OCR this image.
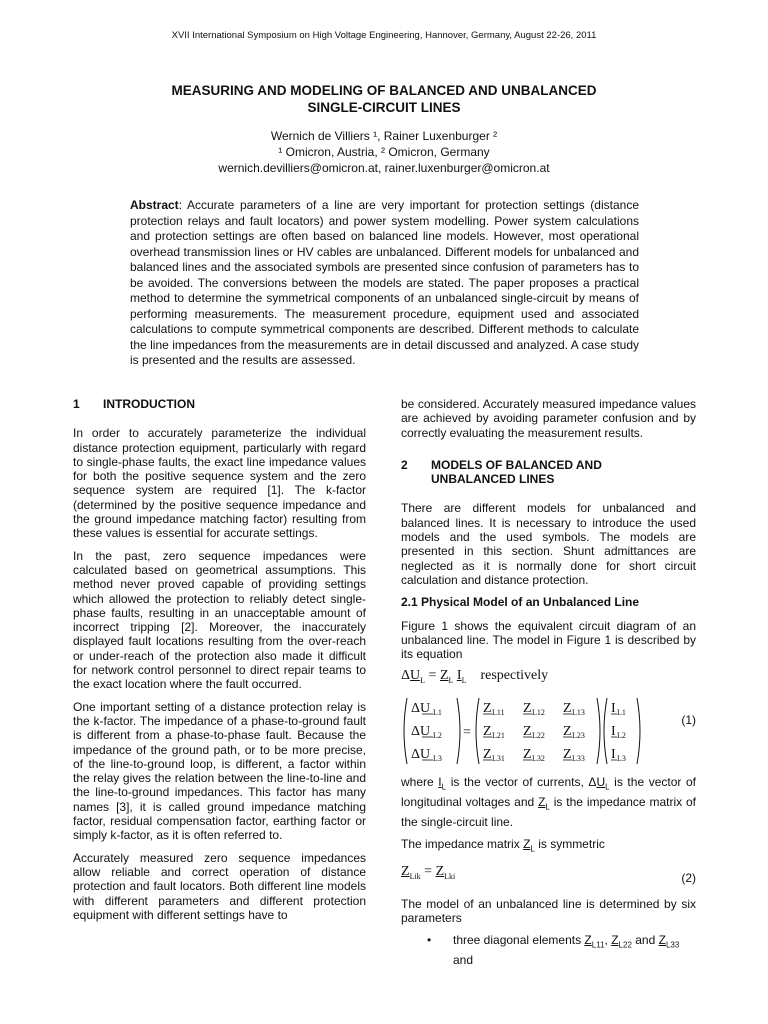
XVII International Symposium on High Voltage Engineering, Hannover, Germany, August 22-26, 2011
MEASURING AND MODELING OF BALANCED AND UNBALANCED
SINGLE-CIRCUIT LINES
Wernich de Villiers ¹, Rainer Luxenburger ²
¹ Omicron, Austria, ² Omicron, Germany
wernich.devilliers@omicron.at, rainer.luxenburger@omicron.at
Abstract: Accurate parameters of a line are very important for protection settings (distance protection relays and fault locators) and power system modelling. Power system calculations and protection settings are often based on balanced line models. However, most operational overhead transmission lines or HV cables are unbalanced. Different models for unbalanced and balanced lines and the associated symbols are presented since confusion of parameters has to be avoided. The conversions between the models are stated. The paper proposes a practical method to determine the symmetrical components of an unbalanced single-circuit by means of performing measurements. The measurement procedure, equipment used and associated calculations to compute symmetrical components are described. Different methods to calculate the line impedances from the measurements are in detail discussed and analyzed. A case study is presented and the results are assessed.
1	INTRODUCTION

In order to accurately parameterize the individual distance protection equipment, particularly with regard to single-phase faults, the exact line impedance values for both the positive sequence system and the zero sequence system are required [1]. The k-factor (determined by the positive sequence impedance and the ground impedance matching factor) resulting from these values is essential for accurate settings.

In the past, zero sequence impedances were calculated based on geometrical assumptions. This method never proved capable of providing settings which allowed the protection to reliably detect single-phase faults, resulting in an unacceptable amount of incorrect tripping [2]. Moreover, the inaccurately displayed fault locations resulting from the over-reach or under-reach of the protection also made it difficult for network control personnel to direct repair teams to the exact location where the fault occurred.

One important setting of a distance protection relay is the k-factor. The impedance of a phase-to-ground fault is different from a phase-to-phase fault. Because the impedance of the ground path, or to be more precise, of the line-to-ground loop, is different, a factor within the relay gives the relation between the line-to-line and the line-to-ground impedances. This factor has many names [3], it is called ground impedance matching factor, residual compensation factor, earthing factor or simply k-factor, as it is often referred to.

Accurately measured zero sequence impedances allow reliable and correct operation of distance protection and fault locators. Both different line models with different parameters and different protection equipment with different settings have to

be considered. Accurately measured impedance values are achieved by avoiding parameter confusion and by correctly evaluating the measurement results.

2	MODELS OF BALANCED AND
UNBALANCED LINES

There are different models for unbalanced and balanced lines. It is necessary to introduce the used models and the used symbols. The models are presented in this section. Shunt admittances are neglected as it is normally done for short circuit calculation and distance protection.

2.1 Physical Model of an Unbalanced Line

Figure 1 shows the equivalent circuit diagram of an unbalanced line. The model in Figure 1 is described by its equation

$\Delta U_L = Z_L$ $I_L$ respectively
ΔU L1
ΔU L2
ΔU L3
=
Z L11 Z L12 Z L13
Z L21 Z L22 Z L23
Z L31 Z L32 Z L33
I L1
I L2
I L3
(1)

where $I_L$ is the vector of currents, $\Delta U_L$ is the vector of longitudinal voltages and $Z_L$ is the impedance matrix of the single-circuit line.

The impedance matrix $Z_L$ is symmetric

$Z_{Lik} = Z_{Lki}$	(2)

The model of an unbalanced line is determined by six parameters

•	three diagonal elements $Z_{L11}$, $Z_{L22}$ and $Z_{L33}$
and
